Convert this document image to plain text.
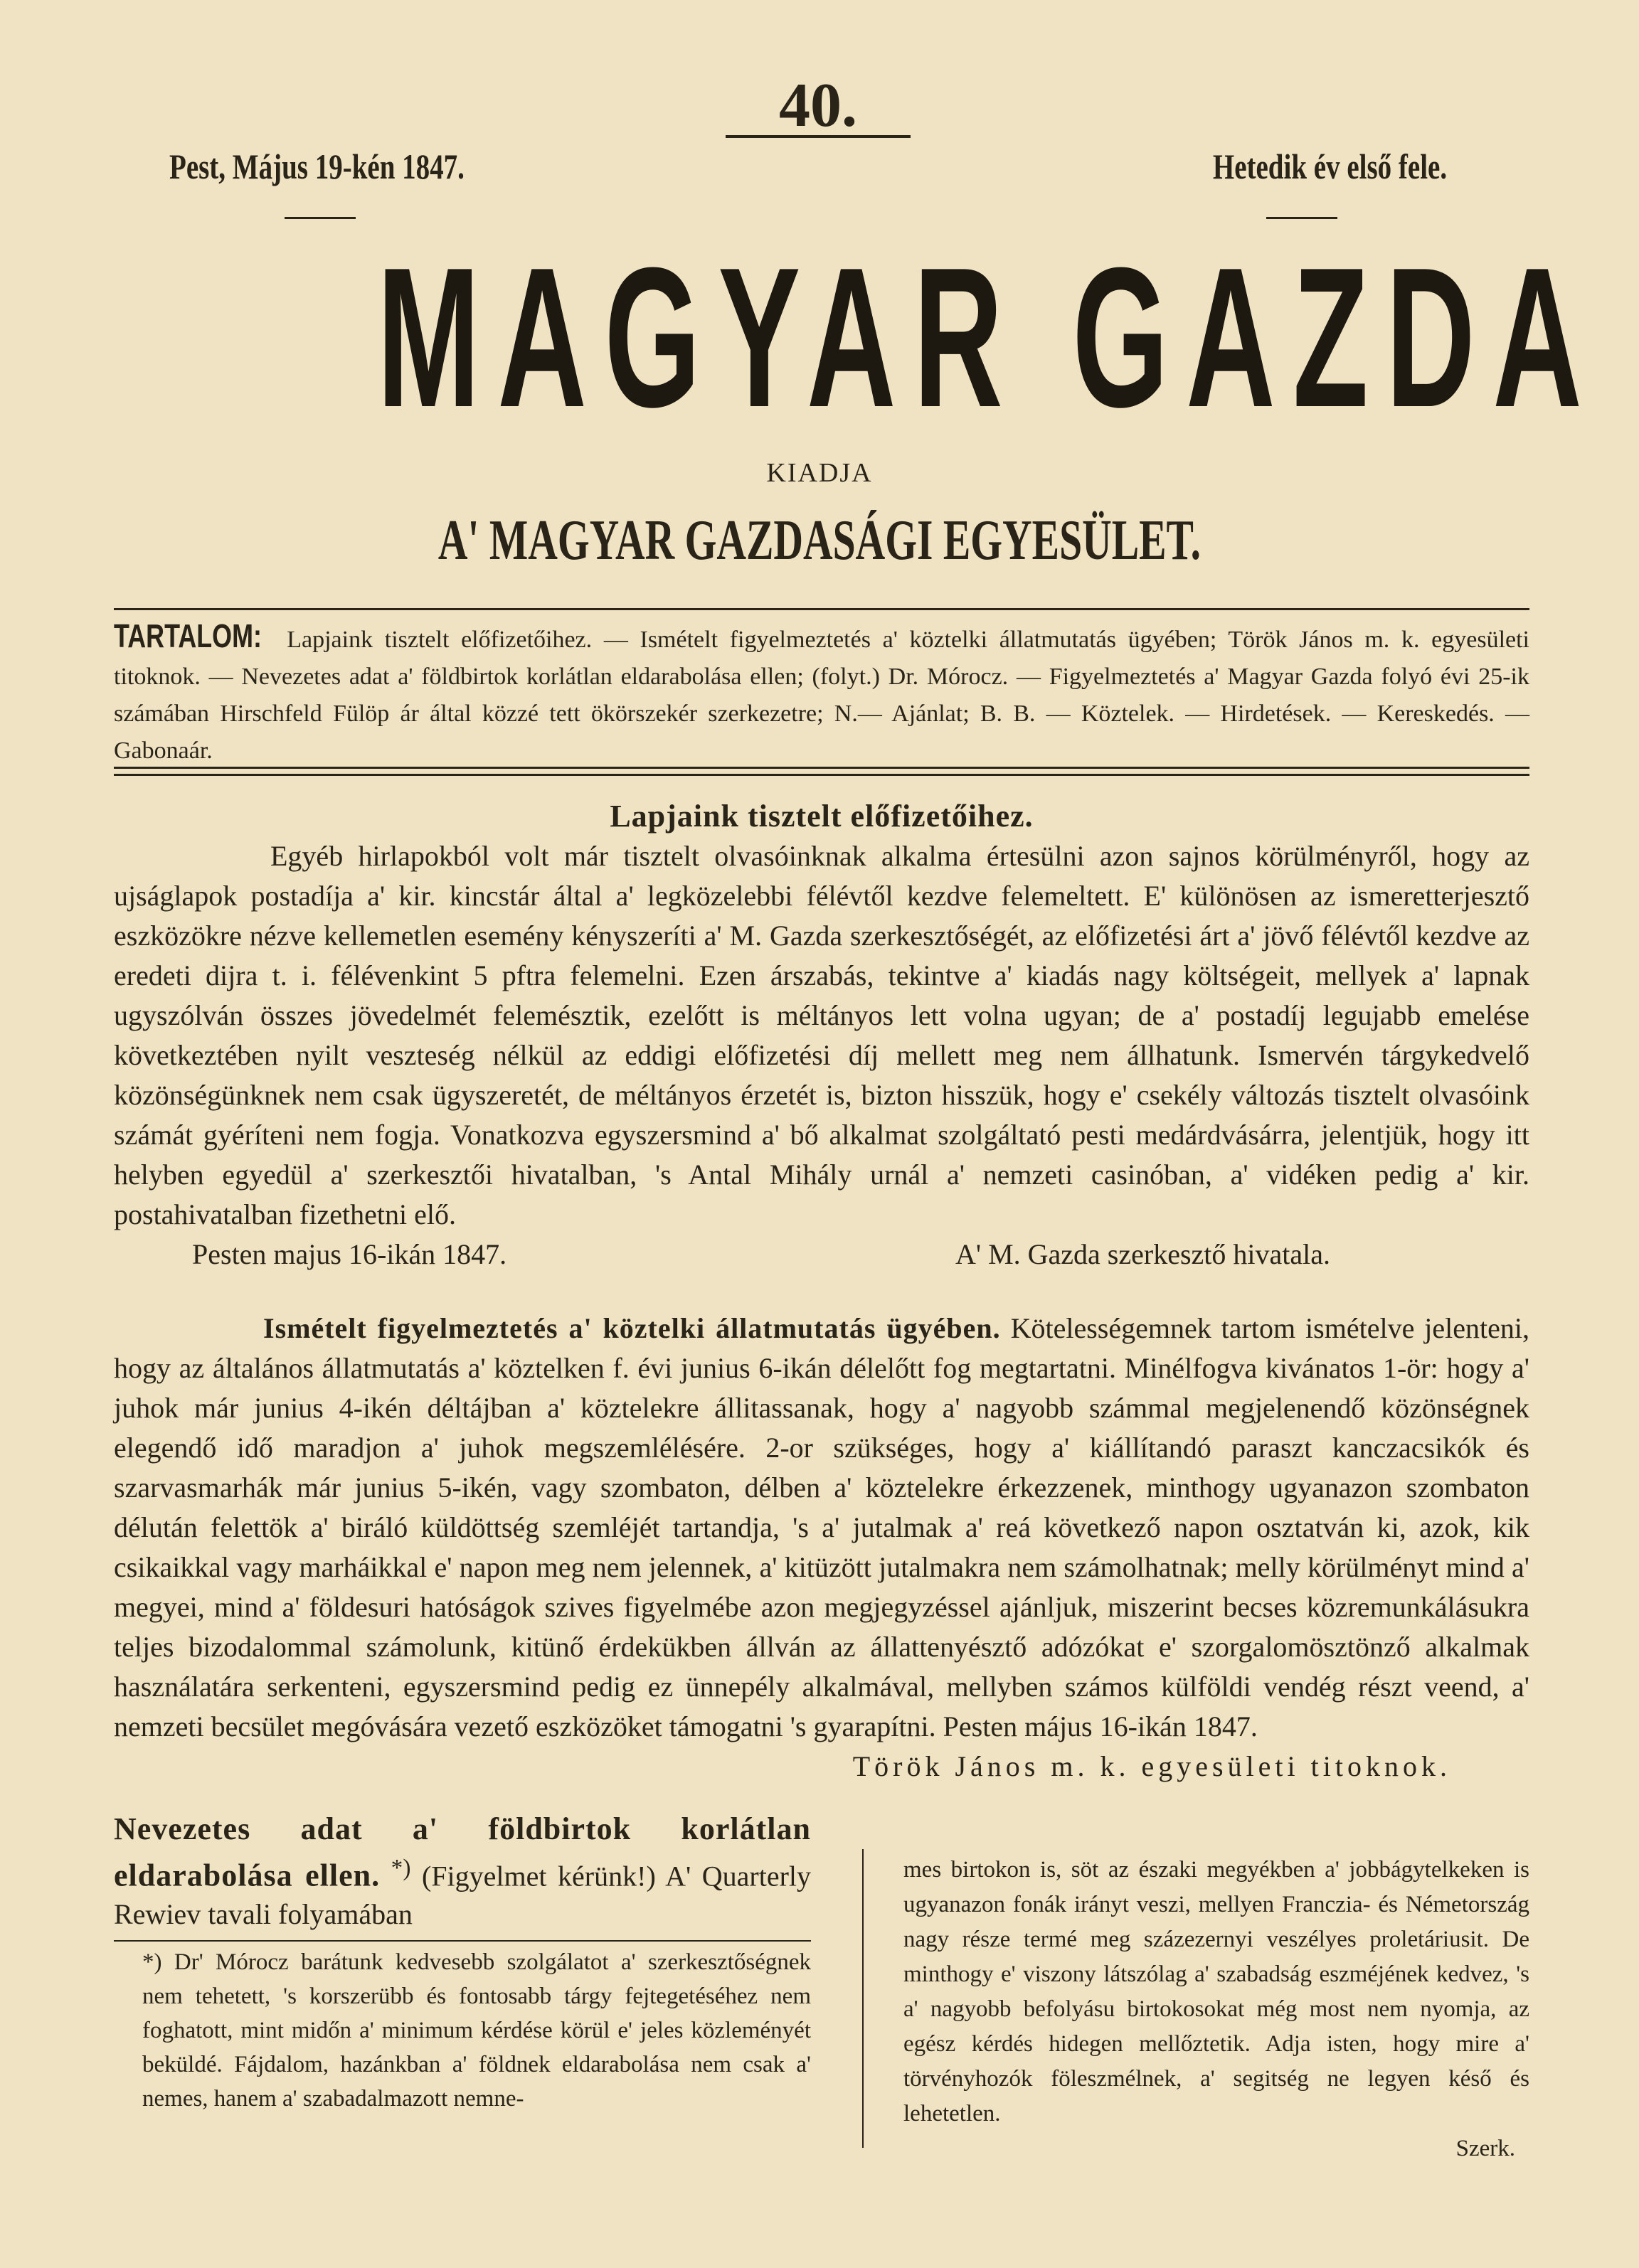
40.
Pest, Május 19-kén 1847.	Hetedik év első fele.
MAGYAR GAZDA
KIADJA
A' MAGYAR GAZDASÁGI EGYESÜLET.
TARTALOM: Lapjaink tisztelt előfizetőihez. — Ismételt figyelmeztetés a' köztelki állatmutatás ügyében; Török János m. k. egyesületi titoknok. — Nevezetes adat a' földbirtok korlátlan eldarabolása ellen; (folyt.) Dr. Mórocz. — Figyelmeztetés a' Magyar Gazda folyó évi 25-ik számában Hirschfeld Fülöp ár által közzé tett ökörszekér szerkezetre; N.— Ajánlat; B. B. — Köztelek. — Hirdetések. — Kereskedés. — Gabonaár.
Lapjaink tisztelt előfizetőihez.
Egyéb hirlapokból volt már tisztelt olvasóinknak alkalma értesülni azon sajnos körülményről, hogy az ujságlapok postadíja a' kir. kincstár által a' legközelebbi félévtől kezdve felemeltett. E' különösen az ismeretterjesztő eszközökre nézve kellemetlen esemény kényszeríti a' M. Gazda szerkesztőségét, az előfizetési árt a' jövő félévtől kezdve az eredeti dijra t. i. félévenkint 5 pftra felemelni. Ezen árszabás, tekintve a' kiadás nagy költségeit, mellyek a' lapnak ugyszólván összes jövedelmét felemésztik, ezelőtt is méltányos lett volna ugyan; de a' postadíj legujabb emelése következtében nyilt veszteség nélkül az eddigi előfizetési díj mellett meg nem állhatunk. Ismervén tárgykedvelő közönségünknek nem csak ügyszeretét, de méltányos érzetét is, bizton hisszük, hogy e' csekély változás tisztelt olvasóink számát gyéríteni nem fogja. Vonatkozva egyszersmind a' bő alkalmat szolgáltató pesti medárdvásárra, jelentjük, hogy itt helyben egyedül a' szerkesztői hivatalban, 's Antal Mihály urnál a' nemzeti casinóban, a' vidéken pedig a' kir. postahivatalban fizethetni elő.
Pesten majus 16-ikán 1847.	A' M. Gazda szerkesztő hivatala.
Ismételt figyelmeztetés a' köztelki állatmutatás ügyében. Kötelességemnek tartom ismételve jelenteni, hogy az általános állatmutatás a' köztelken f. évi junius 6-ikán délelőtt fog megtartatni. Minélfogva kivánatos 1-ör: hogy a' juhok már junius 4-ikén déltájban a' köztelekre állitassanak, hogy a' nagyobb számmal megjelenendő közönségnek elegendő idő maradjon a' juhok megszemlélésére. 2-or szükséges, hogy a' kiállítandó paraszt kanczacsikók és szarvasmarhák már junius 5-ikén, vagy szombaton, délben a' köztelekre érkezzenek, minthogy ugyanazon szombaton délután felettök a' biráló küldöttség szemléjét tartandja, 's a' jutalmak a' reá következő napon osztatván ki, azok, kik csikaikkal vagy marháikkal e' napon meg nem jelennek, a' kitüzött jutalmakra nem számolhatnak; melly körülményt mind a' megyei, mind a' földesuri hatóságok szives figyelmébe azon megjegyzéssel ajánljuk, miszerint becses közremunkálásukra teljes bizodalommal számolunk, kitünő érdekükben állván az állattenyésztő adózókat e' szorgalomösztönző alkalmak használatára serkenteni, egyszersmind pedig ez ünnepély alkalmával, mellyben számos külföldi vendég részt veend, a' nemzeti becsület megóvására vezető eszközöket támogatni 's gyarapítni. Pesten május 16-ikán 1847.
Török János m. k. egyesületi titoknok.
Nevezetes adat a' földbirtok korlátlan eldarabolása ellen. *) (Figyelmet kérünk!) A' Quarterly Rewiev tavali folyamában
*) Dr' Mórocz barátunk kedvesebb szolgálatot a' szerkesztőségnek nem tehetett, 's korszerübb és fontosabb tárgy fejtegetéséhez nem foghatott, mint midőn a' minimum kérdése körül e' jeles közleményét beküldé. Fájdalom, hazánkban a' földnek eldarabolása nem csak a' nemes, hanem a' szabadalmazott nemne-
mes birtokon is, söt az északi megyékben a' jobbágytelkeken is ugyanazon fonák irányt veszi, mellyen Franczia- és Németország nagy része termé meg százezernyi veszélyes proletáriusit. De minthogy e' viszony látszólag a' szabadság eszméjének kedvez, 's a' nagyobb befolyásu birtokosokat még most nem nyomja, az egész kérdés hidegen mellőztetik. Adja isten, hogy mire a' törvényhozók föleszmélnek, a' segitség ne legyen késő és lehetetlen.
Szerk.
